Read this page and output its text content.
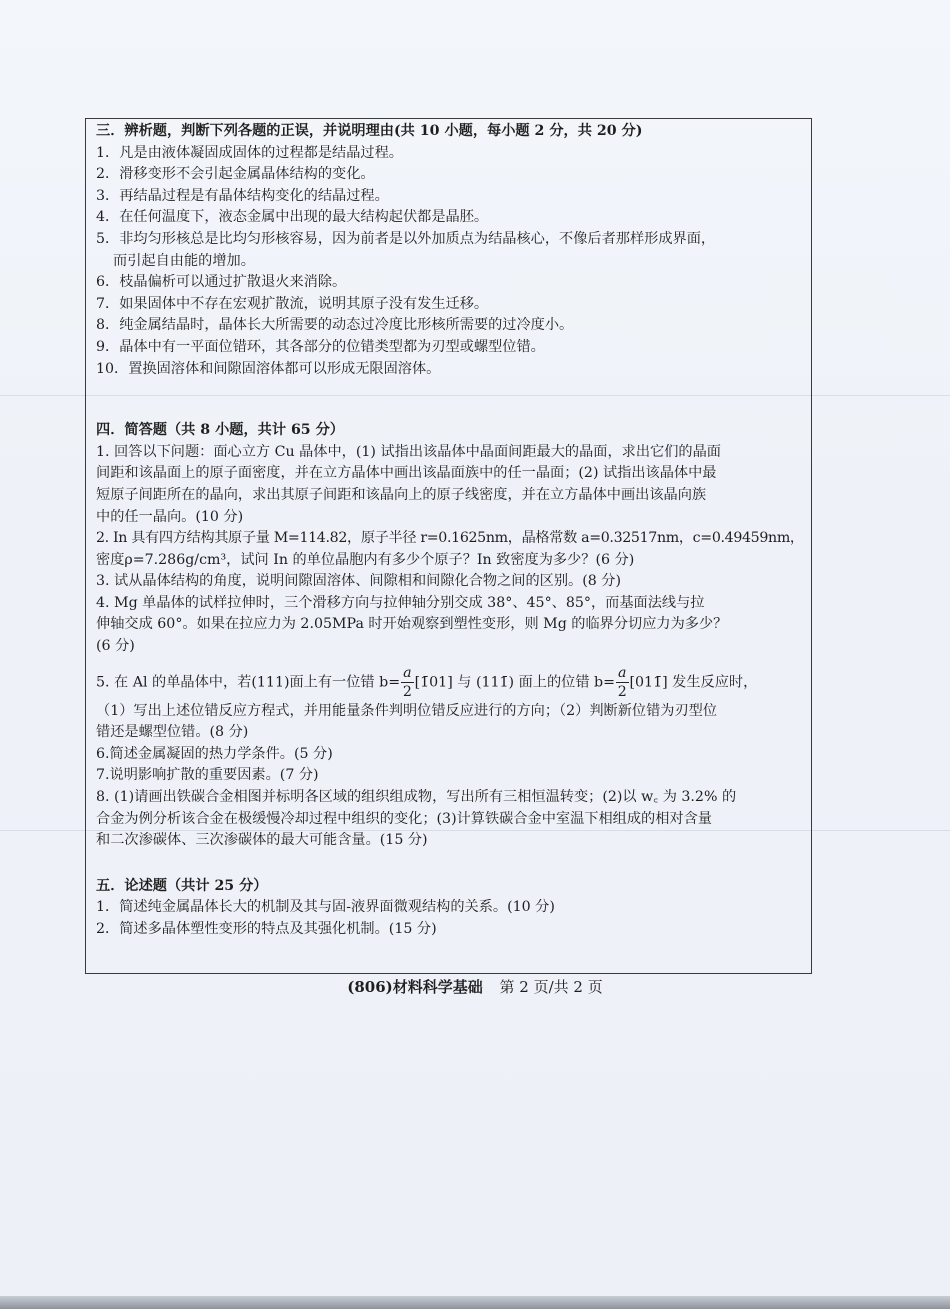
三．辨析题，判断下列各题的正误，并说明理由(共 10 小题，每小题 2 分，共 20 分)
1．凡是由液体凝固成固体的过程都是结晶过程。
2．滑移变形不会引起金属晶体结构的变化。
3．再结晶过程是有晶体结构变化的结晶过程。
4．在任何温度下，液态金属中出现的最大结构起伏都是晶胚。
5．非均匀形核总是比均匀形核容易，因为前者是以外加质点为结晶核心，不像后者那样形成界面，
而引起自由能的增加。
6．枝晶偏析可以通过扩散退火来消除。
7．如果固体中不存在宏观扩散流，说明其原子没有发生迁移。
8．纯金属结晶时，晶体长大所需要的动态过冷度比形核所需要的过冷度小。
9．晶体中有一平面位错环，其各部分的位错类型都为刃型或螺型位错。
10．置换固溶体和间隙固溶体都可以形成无限固溶体。
四．简答题（共 8 小题，共计 65 分）
1. 回答以下问题：面心立方 Cu 晶体中，(1) 试指出该晶体中晶面间距最大的晶面，求出它们的晶面
间距和该晶面上的原子面密度，并在立方晶体中画出该晶面族中的任一晶面；(2) 试指出该晶体中最
短原子间距所在的晶向，求出其原子间距和该晶向上的原子线密度，并在立方晶体中画出该晶向族
中的任一晶向。(10 分)
2. In 具有四方结构其原子量 M=114.82，原子半径 r=0.1625nm，晶格常数 a=0.32517nm，c=0.49459nm，
密度ρ=7.286g/cm³，试问 In 的单位晶胞内有多少个原子？In 致密度为多少？(6 分)
3. 试从晶体结构的角度，说明间隙固溶体、间隙相和间隙化合物之间的区别。(8 分)
4. Mg 单晶体的试样拉伸时，三个滑移方向与拉伸轴分别交成 38°、45°、85°，而基面法线与拉
伸轴交成 60°。如果在拉应力为 2.05MPa 时开始观察到塑性变形，则 Mg 的临界分切应力为多少？
(6 分)
5. 在 Al 的单晶体中，若(111)面上有一位错 $b= \frac{a}{2}$ [1̄01] 与 (111̄) 面上的位错 $b= \frac{a}{2}$ [011̄] 发生反应时，
（1）写出上述位错反应方程式，并用能量条件判明位错反应进行的方向；（2）判断新位错为刃型位
错还是螺型位错。(8 分)
6.简述金属凝固的热力学条件。(5 分)
7.说明影响扩散的重要因素。(7 分)
8. (1)请画出铁碳合金相图并标明各区域的组织组成物，写出所有三相恒温转变；(2)以 w꜀ 为 3.2% 的
合金为例分析该合金在极缓慢冷却过程中组织的变化；(3)计算铁碳合金中室温下相组成的相对含量
和二次渗碳体、三次渗碳体的最大可能含量。(15 分)
五．论述题（共计 25 分）
1．简述纯金属晶体长大的机制及其与固-液界面微观结构的关系。(10 分)
2．简述多晶体塑性变形的特点及其强化机制。(15 分)
(806)材料科学基础 第 2 页/共 2 页
